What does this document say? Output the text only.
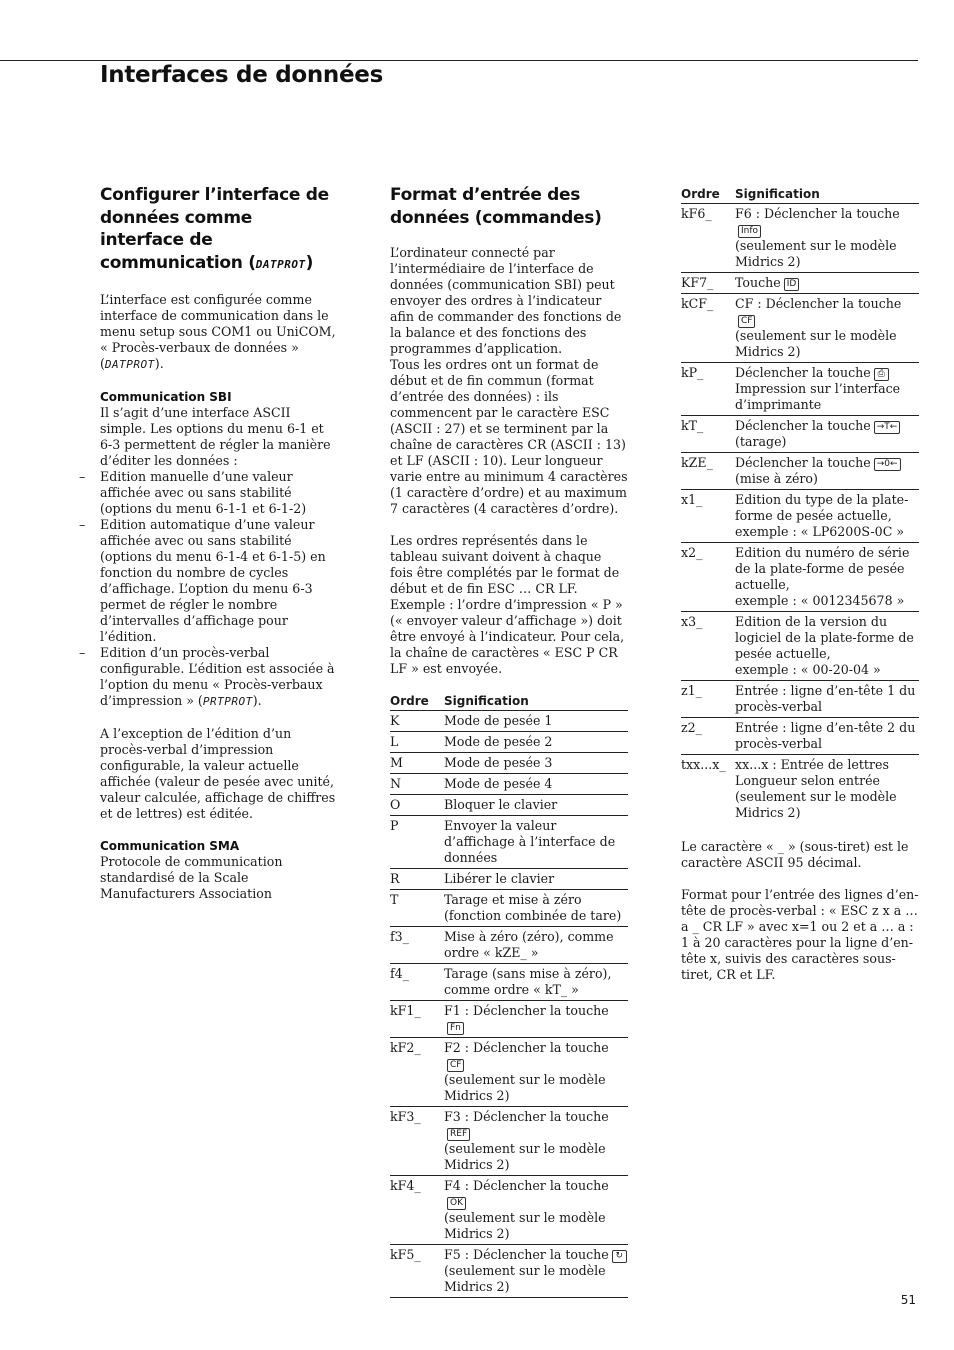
Interfaces de données
Configurer l’interface de données comme interface de communication (DATPROT)

L’interface est configurée comme interface de communication dans le menu setup sous COM1 ou UniCOM, « Procès-verbaux de données » (DATPROT).

Communication SBI

Il s’agit d’une interface ASCII simple. Les options du menu 6-1 et 6-3 permettent de régler la manière d’éditer les données :

– Edition manuelle d’une valeur affichée avec ou sans stabilité (options du menu 6-1-1 et 6-1-2)
– Edition automatique d’une valeur affichée avec ou sans stabilité (options du menu 6-1-4 et 6-1-5) en fonction du nombre de cycles d’affichage. L’option du menu 6-3 permet de régler le nombre d’intervalles d’affichage pour l’édition.
– Edition d’un procès-verbal configurable. L’édition est associée à l’option du menu « Procès-verbaux d’impression » (PRTPROT).

A l’exception de l’édition d’un procès-verbal d’impression configurable, la valeur actuelle affichée (valeur de pesée avec unité, valeur calculée, affichage de chiffres et de lettres) est éditée.

Communication SMA

Protocole de communication standardisé de la Scale Manufacturers Association

Format d’entrée des données (commandes)

L’ordinateur connecté par l’intermédiaire de l’interface de données (communication SBI) peut envoyer des ordres à l’indicateur afin de commander des fonctions de la balance et des fonctions des programmes d’application.

Tous les ordres ont un format de début et de fin commun (format d’entrée des données) : ils commencent par le caractère ESC (ASCII : 27) et se terminent par la chaîne de caractères CR (ASCII : 13) et LF (ASCII : 10). Leur longueur varie entre au minimum 4 caractères

(1 caractère d’ordre) et au maximum

7 caractères (4 caractères d’ordre).

Les ordres représentés dans le tableau suivant doivent à chaque fois être complétés par le format de début et de fin ESC … CR LF.

Exemple : l’ordre d’impression « P » (« envoyer valeur d’affichage ») doit être envoyé à l’indicateur. Pour cela, la chaîne de caractères « ESC P CR LF » est envoyée.

Ordre	Signification
K	Mode de pesée 1
L	Mode de pesée 2
M	Mode de pesée 3
N	Mode de pesée 4
O	Bloquer le clavier
P	Envoyer la valeur d’affichage à l’interface de données
R	Libérer le clavier
T	Tarage et mise à zéro (fonction combinée de tare)
f3_	Mise à zéro (zéro), comme ordre « kZE_ »
f4_	Tarage (sans mise à zéro), comme ordre « kT_ »
kF1_	F1 : Déclencher la toucheFn
kF2_	F2 : Déclencher la toucheCF
(seulement sur le modèle Midrics 2)

kF3_	F3 : Déclencher la toucheREF
(seulement sur le modèle Midrics 2)

kF4_	F4 : Déclencher la toucheOK
(seulement sur le modèle Midrics 2)

kF5_	F5 : Déclencher la touche ↻
(seulement sur le modèle Midrics 2)
Ordre	Signification
kF6_	F6 : Déclencher la toucheInfo
(seulement sur le modèle Midrics 2)

KF7_	Touche ID
kCF_	CF : Déclencher la toucheCF
(seulement sur le modèle Midrics 2)

kP_	Déclencher la touche ⎙
Impression sur l’interface d’imprimante

kT_	Déclencher la touche →T←
(tarage)

kZE_	Déclencher la touche →0←
(mise à zéro)

x1_	Edition du type de la plate-forme de pesée actuelle, exemple : « LP6200S-0C »
x2_	Edition du numéro de série de la plate-forme de pesée actuelle,
exemple : « 0012345678 »

x3_	Edition de la version du logiciel de la plate-forme de pesée actuelle,
exemple : « 00-20-04 »

z1_	Entrée : ligne d’en-tête 1 du procès-verbal
z2_	Entrée : ligne d’en-tête 2 du procès-verbal
txx...x_	xx...x : Entrée de lettres
Longueur selon entrée (seulement sur le modèle Midrics 2)

Le caractère « _ » (sous-tiret) est le caractère ASCII 95 décimal.

Format pour l’entrée des lignes d’en-tête de procès-verbal : « ESC z x a … a _ CR LF » avec x=1 ou 2 et a … a : 1 à 20 caractères pour la ligne d’en-tête x, suivis des caractères sous-tiret, CR et LF.

51
